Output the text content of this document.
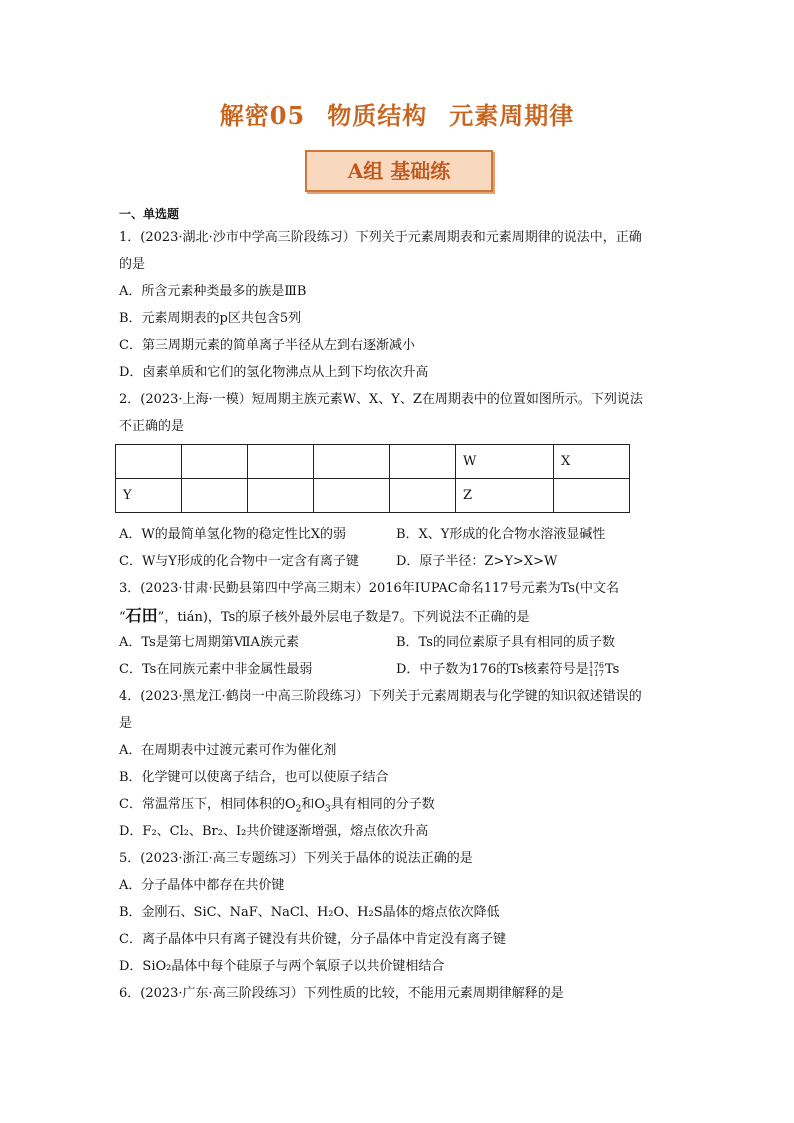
解密05 物质结构 元素周期律
A组 基础练
一、单选题
1．(2023·湖北·沙市中学高三阶段练习）下列关于元素周期表和元素周期律的说法中，正确
的是
A．所含元素种类最多的族是ⅢB
B．元素周期表的p区共包含5列
C．第三周期元素的简单离子半径从左到右逐渐减小
D．卤素单质和它们的氢化物沸点从上到下均依次升高
2．(2023·上海·一模）短周期主族元素W、X、Y、Z在周期表中的位置如图所示。下列说法
不正确的是
					W	X
Y					Z	
A．W的最简单氢化物的稳定性比X的弱	B．X、Y形成的化合物水溶液显碱性
C．W与Y形成的化合物中一定含有离子键	D．原子半径：Z>Y>X>W
3．(2023·甘肃·民勤县第四中学高三期末）2016年IUPAC命名117号元素为Ts(中文名
“石田”，tián)，Ts的原子核外最外层电子数是7。下列说法不正确的是
A．Ts是第七周期第ⅦA族元素	B．Ts的同位素原子具有相同的质子数
C．Ts在同族元素中非金属性最弱	D．中子数为176的Ts核素符号是176
117Ts
4．(2023·黑龙江·鹤岗一中高三阶段练习）下列关于元素周期表与化学键的知识叙述错误的
是
A．在周期表中过渡元素可作为催化剂
B．化学键可以使离子结合，也可以使原子结合
C．常温常压下，相同体积的$O_2$和$O_3$具有相同的分子数
D．F₂、Cl₂、Br₂、I₂共价键逐渐增强，熔点依次升高
5．(2023·浙江·高三专题练习）下列关于晶体的说法正确的是
A．分子晶体中都存在共价键
B．金刚石、SiC、NaF、NaCl、H₂O、H₂S晶体的熔点依次降低
C．离子晶体中只有离子键没有共价键，分子晶体中肯定没有离子键
D．SiO₂晶体中每个硅原子与两个氧原子以共价键相结合
6．(2023·广东·高三阶段练习）下列性质的比较，不能用元素周期律解释的是
